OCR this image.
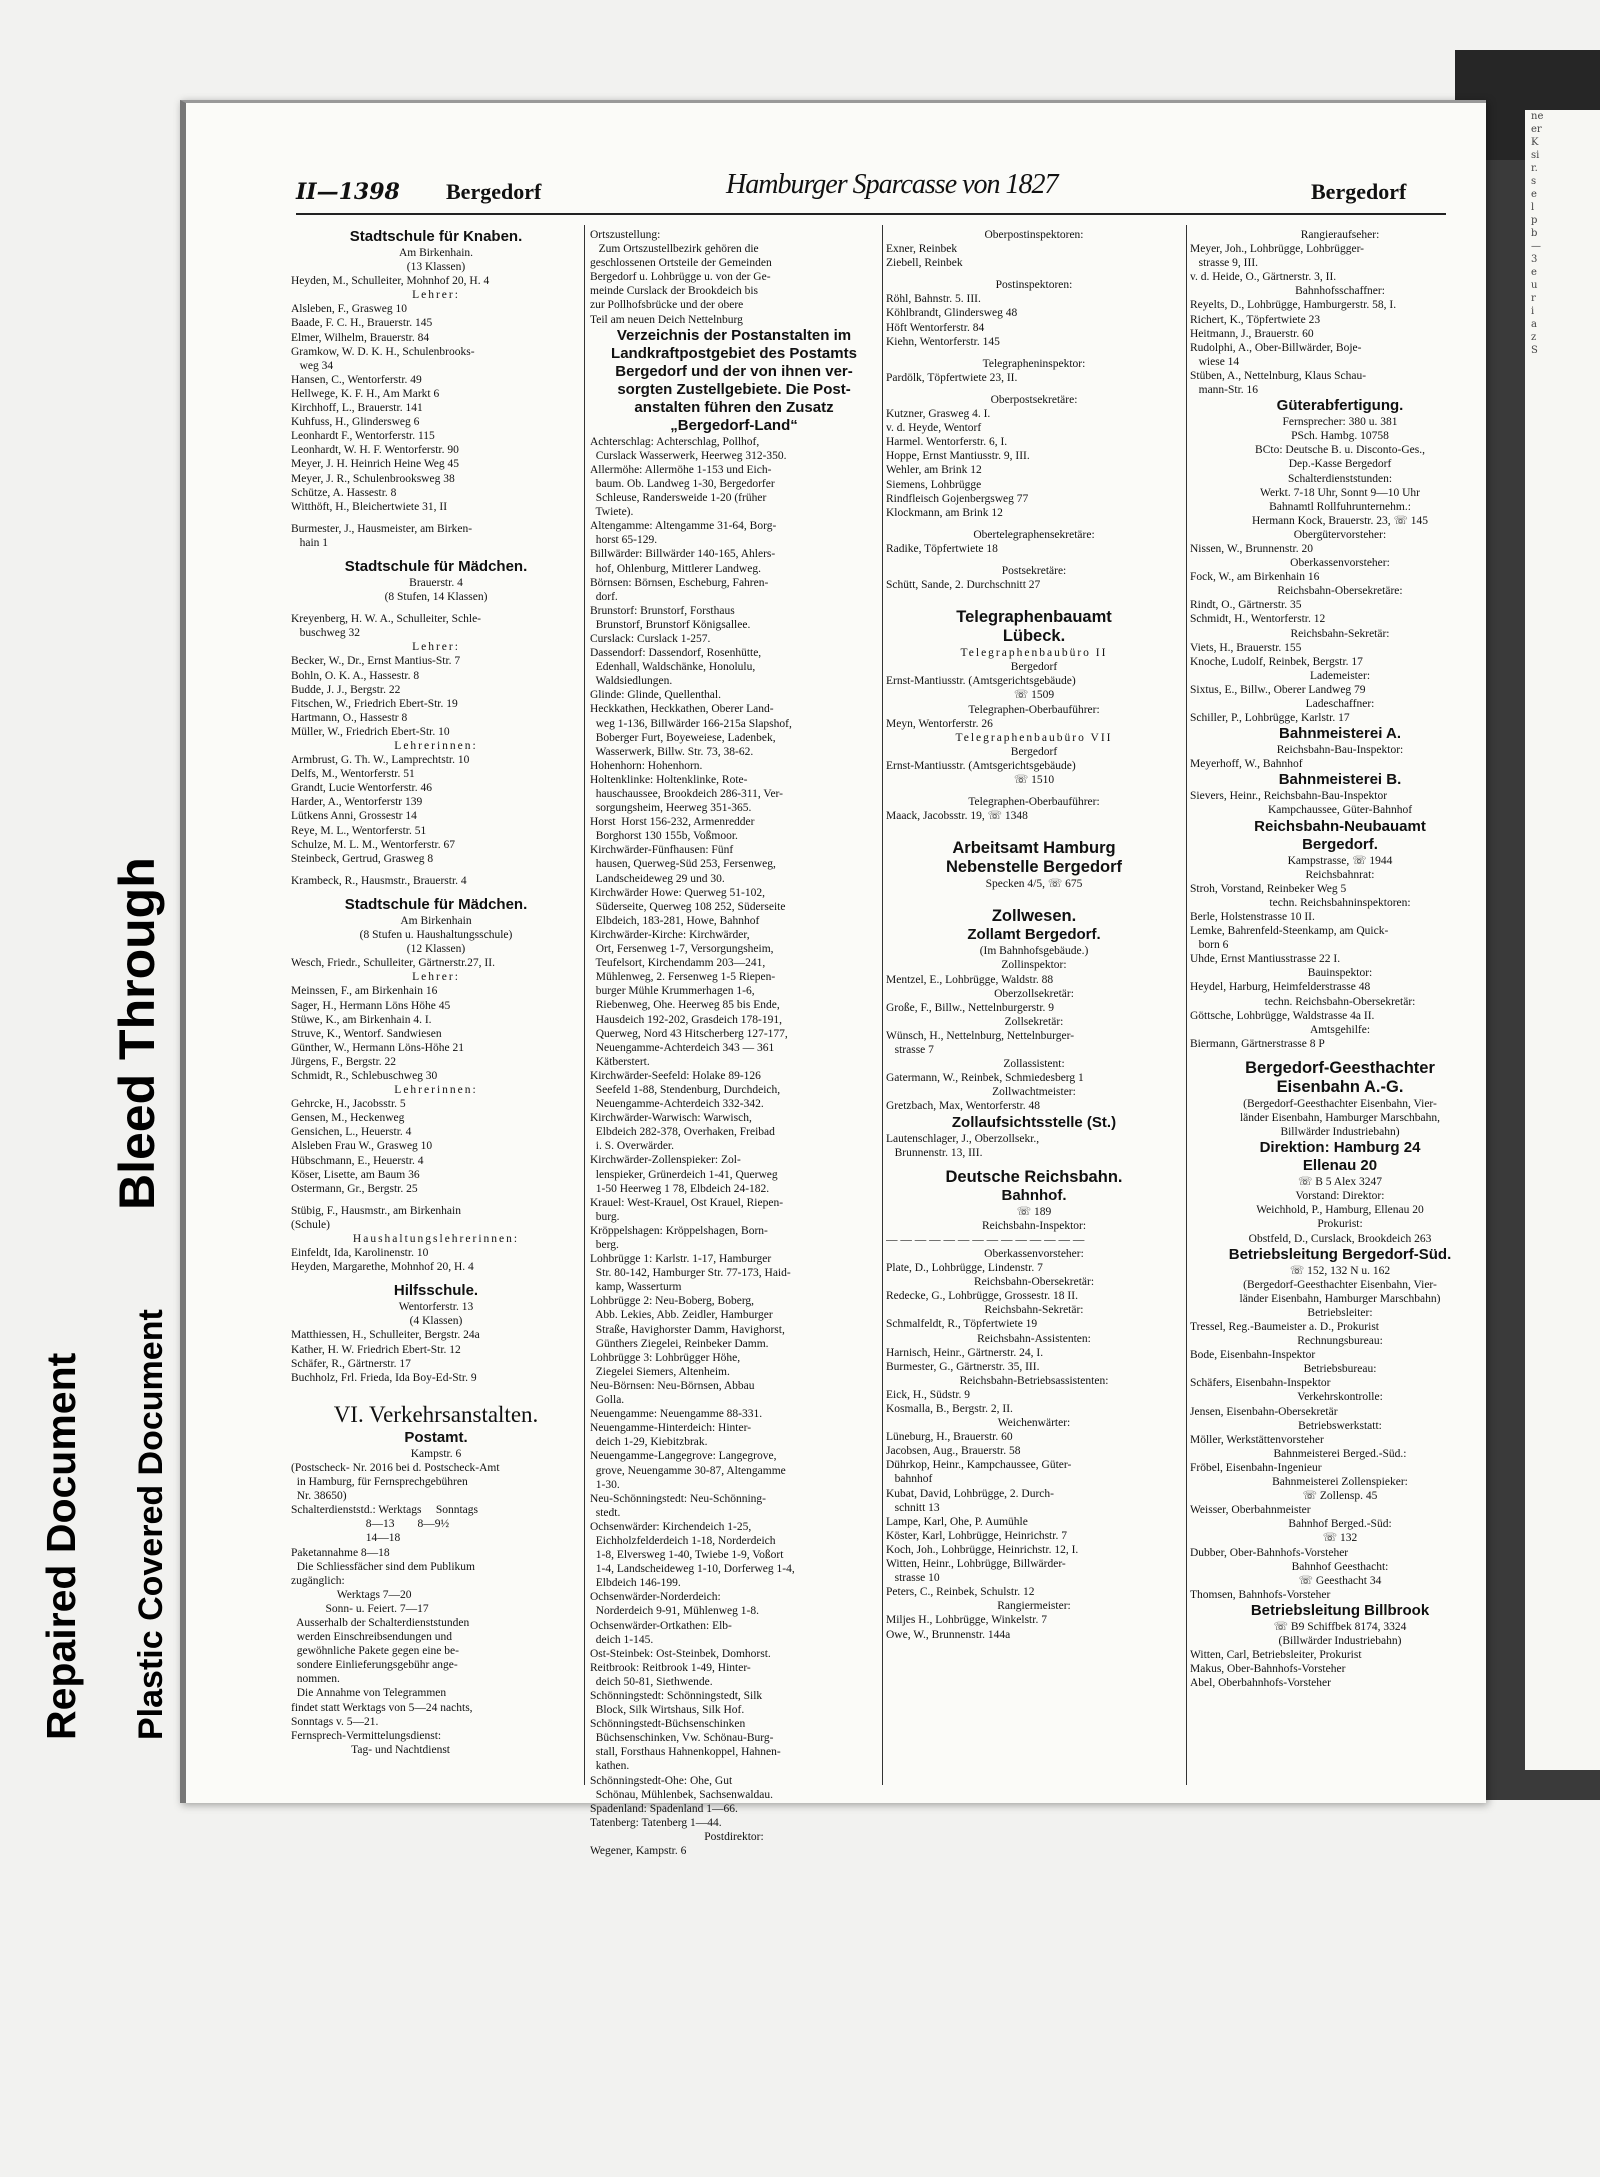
ne
er
K
si
r.
s
e
l
p
b
—
3
e
u
r
i
a
z
S
Bleed Through
Repaired Document Plastic Covered Document
II—1398 Bergedorf	Hamburger Sparcasse von 1827	Bergedorf
Stadtschule für Knaben.
Am Birkenhain.
(13 Klassen)
Heyden, M., Schulleiter, Mohnhof 20, H. 4
Lehrer:
Alsleben, F., Grasweg 10
Baade, F. C. H., Brauerstr. 145
Elmer, Wilhelm, Brauerstr. 84
Gramkow, W. D. K. H., Schulenbrooks-
weg 34
Hansen, C., Wentorferstr. 49
Hellwege, K. F. H., Am Markt 6
Kirchhoff, L., Brauerstr. 141
Kuhfuss, H., Glindersweg 6
Leonhardt F., Wentorferstr. 115
Leonhardt, W. H. F. Wentorferstr. 90
Meyer, J. H. Heinrich Heine Weg 45
Meyer, J. R., Schulenbrooksweg 38
Schütze, A. Hassestr. 8
Witthöft, H., Bleichertwiete 31, II
Burmester, J., Hausmeister, am Birken-
hain 1
Stadtschule für Mädchen.
Brauerstr. 4
(8 Stufen, 14 Klassen)
Kreyenberg, H. W. A., Schulleiter, Schle-
buschweg 32
Lehrer:
Becker, W., Dr., Ernst Mantius-Str. 7
Bohln, O. K. A., Hassestr. 8
Budde, J. J., Bergstr. 22
Fitschen, W., Friedrich Ebert-Str. 19
Hartmann, O., Hassestr 8
Müller, W., Friedrich Ebert-Str. 10
Lehrerinnen:
Armbrust, G. Th. W., Lamprechtstr. 10
Delfs, M., Wentorferstr. 51
Grandt, Lucie Wentorferstr. 46
Harder, A., Wentorferstr 139
Lütkens Anni, Grossestr 14
Reye, M. L., Wentorferstr. 51
Schulze, M. L. M., Wentorferstr. 67
Steinbeck, Gertrud, Grasweg 8
Krambeck, R., Hausmstr., Brauerstr. 4
Stadtschule für Mädchen.
Am Birkenhain
(8 Stufen u. Haushaltungsschule)
(12 Klassen)
Wesch, Friedr., Schulleiter, Gärtnerstr.27, II.
Lehrer:
Meinssen, F., am Birkenhain 16
Sager, H., Hermann Löns Höhe 45
Stüwe, K., am Birkenhain 4. I.
Struve, K., Wentorf. Sandwiesen
Günther, W., Hermann Löns-Höhe 21
Jürgens, F., Bergstr. 22
Schmidt, R., Schlebuschweg 30
Lehrerinnen:
Gehrcke, H., Jacobsstr. 5
Gensen, M., Heckenweg
Gensichen, L., Heuerstr. 4
Alsleben Frau W., Grasweg 10
Hübschmann, E., Heuerstr. 4
Köser, Lisette, am Baum 36
Ostermann, Gr., Bergstr. 25
Stübig, F., Hausmstr., am Birkenhain
(Schule)
Haushaltungslehrerinnen:
Einfeldt, Ida, Karolinenstr. 10
Heyden, Margarethe, Mohnhof 20, H. 4
Hilfsschule.
Wentorferstr. 13
(4 Klassen)
Matthiessen, H., Schulleiter, Bergstr. 24a
Kather, H. W. Friedrich Ebert-Str. 12
Schäfer, R., Gärtnerstr. 17
Buchholz, Frl. Frieda, Ida Boy-Ed-Str. 9
VI. Verkehrsanstalten.
Postamt.
Kampstr. 6
(Postscheck- Nr. 2016 bei d. Postscheck-Amt
in Hamburg, für Fernsprechgebühren
Nr. 38650)
Schalterdienststd.: Werktags     Sonntags
8—13        8—9½
14—18
Paketannahme 8—18
Die Schliessfächer sind dem Publikum
zugänglich:
Werktags 7—20
Sonn- u. Feiert. 7—17
Ausserhalb der Schalterdienststunden
werden Einschreibsendungen und
gewöhnliche Pakete gegen eine be-
sondere Einlieferungsgebühr ange-
nommen.
Die Annahme von Telegrammen
findet statt Werktags von 5—24 nachts,
Sonntags v. 5—21.
Fernsprech-Vermittelungsdienst:
Tag- und Nachtdienst
Ortszustellung:
Zum Ortszustellbezirk gehören die
geschlossenen Ortsteile der Gemeinden
Bergedorf u. Lohbrügge u. von der Ge-
meinde Curslack der Brookdeich bis
zur Pollhofsbrücke und der obere
Teil am neuen Deich Nettelnburg
Verzeichnis der Postanstalten im
Landkraftpostgebiet des Postamts
Bergedorf und der von ihnen ver-
sorgten Zustellgebiete. Die Post-
anstalten führen den Zusatz
„Bergedorf-Land“
Achterschlag: Achterschlag, Pollhof,
Curslack Wasserwerk, Heerweg 312-350.
Allermöhe: Allermöhe 1-153 und Eich-
baum. Ob. Landweg 1-30, Bergedorfer
Schleuse, Randersweide 1-20 (früher
Twiete).
Altengamme: Altengamme 31-64, Borg-
horst 65-129.
Billwärder: Billwärder 140-165, Ahlers-
hof, Ohlenburg, Mittlerer Landweg.
Börnsen: Börnsen, Escheburg, Fahren-
dorf.
Brunstorf: Brunstorf, Forsthaus
Brunstorf, Brunstorf Königsallee.
Curslack: Curslack 1-257.
Dassendorf: Dassendorf, Rosenhütte,
Edenhall, Waldschänke, Honolulu,
Waldsiedlungen.
Glinde: Glinde, Quellenthal.
Heckkathen, Heckkathen, Oberer Land-
weg 1-136, Billwärder 166-215a Slapshof,
Boberger Furt, Boyeweiese, Ladenbek,
Wasserwerk, Billw. Str. 73, 38-62.
Hohenhorn: Hohenhorn.
Holtenklinke: Holtenklinke, Rote-
hauschaussee, Brookdeich 286-311, Ver-
sorgungsheim, Heerweg 351-365.
Horst  Horst 156-232, Armenredder
Borghorst 130 155b, Voßmoor.
Kirchwärder-Fünfhausen: Fünf
hausen, Querweg-Süd 253, Fersenweg,
Landscheideweg 29 und 30.
Kirchwärder Howe: Querweg 51-102,
Süderseite, Querweg 108 252, Süderseite
Elbdeich, 183-281, Howe, Bahnhof
Kirchwärder-Kirche: Kirchwärder,
Ort, Fersenweg 1-7, Versorgungsheim,
Teufelsort, Kirchendamm 203—241,
Mühlenweg, 2. Fersenweg 1-5 Riepen-
burger Mühle Krummerhagen 1-6,
Riebenweg, Ohe. Heerweg 85 bis Ende,
Hausdeich 192-202, Grasdeich 178-191,
Querweg, Nord 43 Hitscherberg 127-177,
Neuengamme-Achterdeich 343 — 361
Kätberstert.
Kirchwärder-Seefeld: Holake 89-126
Seefeld 1-88, Stendenburg, Durchdeich,
Neuengamme-Achterdeich 332-342.
Kirchwärder-Warwisch: Warwisch,
Elbdeich 282-378, Overhaken, Freibad
i. S. Overwärder.
Kirchwärder-Zollenspieker: Zol-
lenspieker, Grünerdeich 1-41, Querweg
1-50 Heerweg 1 78, Elbdeich 24-182.
Krauel: West-Krauel, Ost Krauel, Riepen-
burg.
Kröppelshagen: Kröppelshagen, Born-
berg.
Lohbrügge 1: Karlstr. 1-17, Hamburger
Str. 80-142, Hamburger Str. 77-173, Haid-
kamp, Wasserturm
Lohbrügge 2: Neu-Boberg, Boberg,
Abb. Lekies, Abb. Zeidler, Hamburger
Straße, Havighorster Damm, Havighorst,
Günthers Ziegelei, Reinbeker Damm.
Lohbrügge 3: Lohbrügger Höhe,
Ziegelei Siemers, Altenheim.
Neu-Börnsen: Neu-Börnsen, Abbau
Golla.
Neuengamme: Neuengamme 88-331.
Neuengamme-Hinterdeich: Hinter-
deich 1-29, Kiebitzbrak.
Neuengamme-Langegrove: Langegrove,
grove, Neuengamme 30-87, Altengamme
1-30.
Neu-Schönningstedt: Neu-Schönning-
stedt.
Ochsenwärder: Kirchendeich 1-25,
Eichholzfelderdeich 1-18, Norderdeich
1-8, Elversweg 1-40, Twiebe 1-9, Voßort
1-4, Landscheideweg 1-10, Dorferweg 1-4,
Elbdeich 146-199.
Ochsenwärder-Norderdeich:
Norderdeich 9-91, Mühlenweg 1-8.
Ochsenwärder-Ortkathen: Elb-
deich 1-145.
Ost-Steinbek: Ost-Steinbek, Domhorst.
Reitbrook: Reitbrook 1-49, Hinter-
deich 50-81, Siethwende.
Schönningstedt: Schönningstedt, Silk
Block, Silk Wirtshaus, Silk Hof.
Schönningstedt-Büchsenschinken
Büchsenschinken, Vw. Schönau-Burg-
stall, Forsthaus Hahnenkoppel, Hahnen-
kathen.
Schönningstedt-Ohe: Ohe, Gut
Schönau, Mühlenbek, Sachsenwaldau.
Spadenland: Spadenland 1—66.
Tatenberg: Tatenberg 1—44.
Postdirektor:
Wegener, Kampstr. 6
Oberpostinspektoren:
Exner, Reinbek
Ziebell, Reinbek
Postinspektoren:
Röhl, Bahnstr. 5. III.
Köhlbrandt, Glindersweg 48
Höft Wentorferstr. 84
Kiehn, Wentorferstr. 145
Telegrapheninspektor:
Pardölk, Töpfertwiete 23, II.
Oberpostsekretäre:
Kutzner, Grasweg 4. I.
v. d. Heyde, Wentorf
Harmel. Wentorferstr. 6, I.
Hoppe, Ernst Mantiusstr. 9, III.
Wehler, am Brink 12
Siemens, Lohbrügge
Rindfleisch Gojenbergsweg 77
Klockmann, am Brink 12
Obertelegraphensekretäre:
Radike, Töpfertwiete 18
Postsekretäre:
Schütt, Sande, 2. Durchschnitt 27
Telegraphenbauamt
Lübeck.
Telegraphenbaubüro II
Bergedorf
Ernst-Mantiusstr. (Amtsgerichtsgebäude)
☏ 1509
Telegraphen-Oberbauführer:
Meyn, Wentorferstr. 26
Telegraphenbaubüro VII
Bergedorf
Ernst-Mantiusstr. (Amtsgerichtsgebäude)
☏ 1510
Telegraphen-Oberbauführer:
Maack, Jacobsstr. 19, ☏ 1348
Arbeitsamt Hamburg
Nebenstelle Bergedorf
Specken 4/5, ☏ 675
Zollwesen.
Zollamt Bergedorf.
(Im Bahnhofsgebäude.)
Zollinspektor:
Mentzel, E., Lohbrügge, Waldstr. 88
Oberzollsekretär:
Große, F., Billw., Nettelnburgerstr. 9
Zollsekretär:
Wünsch, H., Nettelnburg, Nettelnburger-
strasse 7
Zollassistent:
Gatermann, W., Reinbek, Schmiedesberg 1
Zollwachtmeister:
Gretzbach, Max, Wentorferstr. 48
Zollaufsichtsstelle (St.)
Lautenschlager, J., Oberzollsekr.,
Brunnenstr. 13, III.
Deutsche Reichsbahn.
Bahnhof.
☏ 189
Reichsbahn-Inspektor:
— — — — — — — — — — — — — —
Oberkassenvorsteher:
Plate, D., Lohbrügge, Lindenstr. 7
Reichsbahn-Obersekretär:
Redecke, G., Lohbrügge, Grossestr. 18 II.
Reichsbahn-Sekretär:
Schmalfeldt, R., Töpfertwiete 19
Reichsbahn-Assistenten:
Harnisch, Heinr., Gärtnerstr. 24, I.
Burmester, G., Gärtnerstr. 35, III.
Reichsbahn-Betriebsassistenten:
Eick, H., Südstr. 9
Kosmalla, B., Bergstr. 2, II.
Weichenwärter:
Lüneburg, H., Brauerstr. 60
Jacobsen, Aug., Brauerstr. 58
Dührkop, Heinr., Kampchaussee, Güter-
bahnhof
Kubat, David, Lohbrügge, 2. Durch-
schnitt 13
Lampe, Karl, Ohe, P. Aumühle
Köster, Karl, Lohbrügge, Heinrichstr. 7
Koch, Joh., Lohbrügge, Heinrichstr. 12, I.
Witten, Heinr., Lohbrügge, Billwärder-
strasse 10
Peters, C., Reinbek, Schulstr. 12
Rangiermeister:
Miljes H., Lohbrügge, Winkelstr. 7
Owe, W., Brunnenstr. 144a
Rangieraufseher:
Meyer, Joh., Lohbrügge, Lohbrügger-
strasse 9, III.
v. d. Heide, O., Gärtnerstr. 3, II.
Bahnhofsschaffner:
Reyelts, D., Lohbrügge, Hamburgerstr. 58, I.
Richert, K., Töpfertwiete 23
Heitmann, J., Brauerstr. 60
Rudolphi, A., Ober-Billwärder, Boje-
wiese 14
Stüben, A., Nettelnburg, Klaus Schau-
mann-Str. 16
Güterabfertigung.
Fernsprecher: 380 u. 381
PSch. Hambg. 10758
BCto: Deutsche B. u. Disconto-Ges.,
Dep.-Kasse Bergedorf
Schalterdienststunden:
Werkt. 7-18 Uhr, Sonnt 9—10 Uhr
Bahnamtl Rollfuhrunternehm.:
Hermann Kock, Brauerstr. 23, ☏ 145
Obergütervorsteher:
Nissen, W., Brunnenstr. 20
Oberkassenvorsteher:
Fock, W., am Birkenhain 16
Reichsbahn-Obersekretäre:
Rindt, O., Gärtnerstr. 35
Schmidt, H., Wentorferstr. 12
Reichsbahn-Sekretär:
Viets, H., Brauerstr. 155
Knoche, Ludolf, Reinbek, Bergstr. 17
Lademeister:
Sixtus, E., Billw., Oberer Landweg 79
Ladeschaffner:
Schiller, P., Lohbrügge, Karlstr. 17
Bahnmeisterei A.
Reichsbahn-Bau-Inspektor:
Meyerhoff, W., Bahnhof
Bahnmeisterei B.
Sievers, Heinr., Reichsbahn-Bau-Inspektor
Kampchaussee, Güter-Bahnhof
Reichsbahn-Neubauamt
Bergedorf.
Kampstrasse, ☏ 1944
Reichsbahnrat:
Stroh, Vorstand, Reinbeker Weg 5
techn. Reichsbahninspektoren:
Berle, Holstenstrasse 10 II.
Lemke, Bahrenfeld-Steenkamp, am Quick-
born 6
Uhde, Ernst Mantiusstrasse 22 I.
Bauinspektor:
Heydel, Harburg, Heimfelderstrasse 48
techn. Reichsbahn-Obersekretär:
Göttsche, Lohbrügge, Waldstrasse 4a II.
Amtsgehilfe:
Biermann, Gärtnerstrasse 8 P
Bergedorf-Geesthachter
Eisenbahn A.-G.
(Bergedorf-Geesthachter Eisenbahn, Vier-
länder Eisenbahn, Hamburger Marschbahn,
Billwärder Industriebahn)
Direktion: Hamburg 24
Ellenau 20
☏ B 5 Alex 3247
Vorstand: Direktor:
Weichhold, P., Hamburg, Ellenau 20
Prokurist:
Obstfeld, D., Curslack, Brookdeich 263
Betriebsleitung Bergedorf-Süd.
☏ 152, 132 N u. 162
(Bergedorf-Geesthachter Eisenbahn, Vier-
länder Eisenbahn, Hamburger Marschbahn)
Betriebsleiter:
Tressel, Reg.-Baumeister a. D., Prokurist
Rechnungsbureau:
Bode, Eisenbahn-Inspektor
Betriebsbureau:
Schäfers, Eisenbahn-Inspektor
Verkehrskontrolle:
Jensen, Eisenbahn-Obersekretär
Betriebswerkstatt:
Möller, Werkstättenvorsteher
Bahnmeisterei Berged.-Süd.:
Fröbel, Eisenbahn-Ingenieur
Bahnmeisterei Zollenspieker:
☏ Zollensp. 45
Weisser, Oberbahnmeister
Bahnhof Berged.-Süd:
☏ 132
Dubber, Ober-Bahnhofs-Vorsteher
Bahnhof Geesthacht:
☏ Geesthacht 34
Thomsen, Bahnhofs-Vorsteher
Betriebsleitung Billbrook
☏ B9 Schiffbek 8174, 3324
(Billwärder Industriebahn)
Witten, Carl, Betriebsleiter, Prokurist
Makus, Ober-Bahnhofs-Vorsteher
Abel, Oberbahnhofs-Vorsteher
